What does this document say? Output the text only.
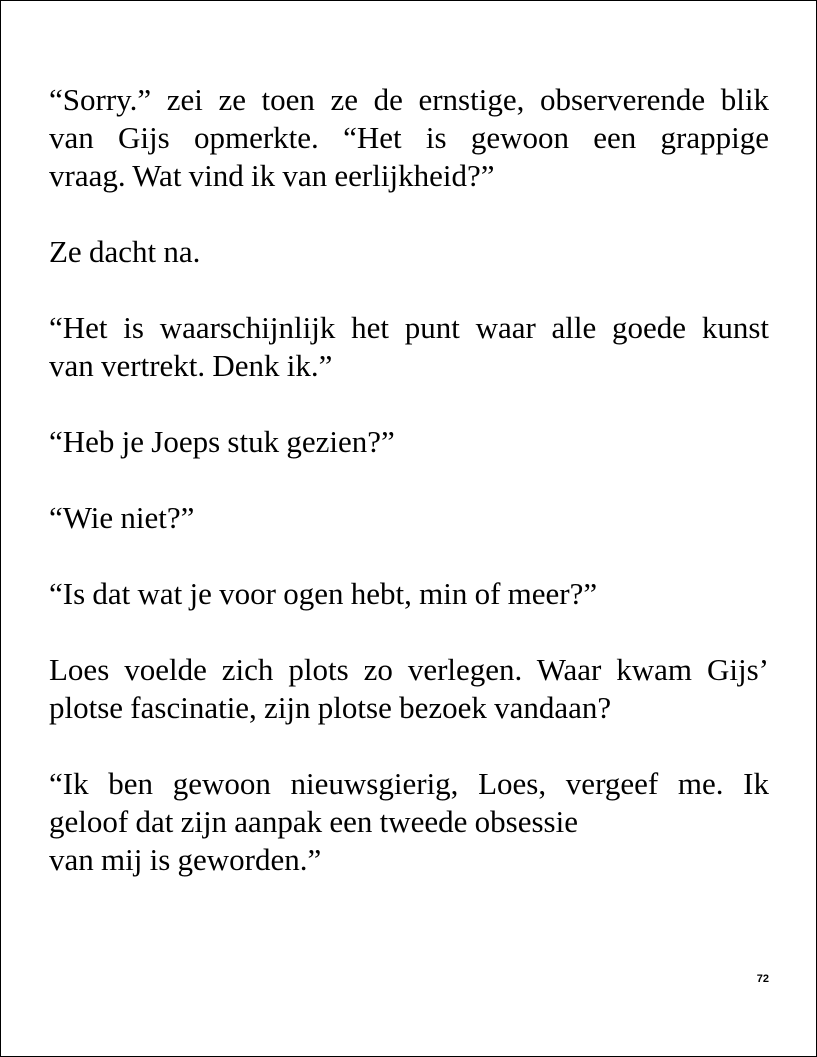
“Sorry.” zei ze toen ze de ernstige, observerende blik
van Gijs opmerkte. “Het is gewoon een grappige
vraag. Wat vind ik van eerlijkheid?”

Ze dacht na.

“Het is waarschijnlijk het punt waar alle goede kunst
van vertrekt. Denk ik.”

“Heb je Joeps stuk gezien?”

“Wie niet?”

“Is dat wat je voor ogen hebt, min of meer?”

Loes voelde zich plots zo verlegen. Waar kwam Gijs’
plotse fascinatie, zijn plotse bezoek vandaan?

“Ik ben gewoon nieuwsgierig, Loes, vergeef me. Ik
geloof dat zijn aanpak een tweede obsessie
van mij is geworden.”

72
